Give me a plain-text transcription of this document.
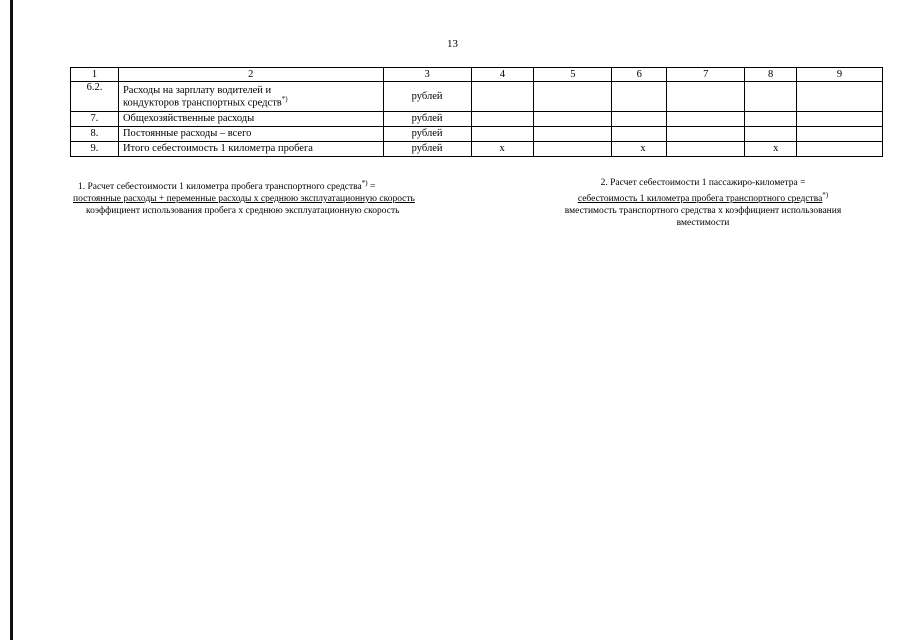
13
1	2	3	4	5	6	7	8	9
6.2.	Расходы на зарплату водителей и
кондукторов транспортных средств*)	рублей						
7.	Общехозяйственные расходы	рублей						
8.	Постоянные расходы – всего	рублей						
9.	Итого себестоимость 1 километра пробега	рублей	x		x		x	
1. Расчет себестоимости 1 километра пробега транспортного средства*) =
постоянные расходы + переменные расходы х среднюю эксплуатационную скорость
коэффициент использования пробега х среднюю эксплуатационную скорость
2. Расчет себестоимости 1 пассажиро-километра =
себестоимость 1 километра пробега транспортного средства*)
вместимость транспортного средства х коэффициент использования
вместимости
